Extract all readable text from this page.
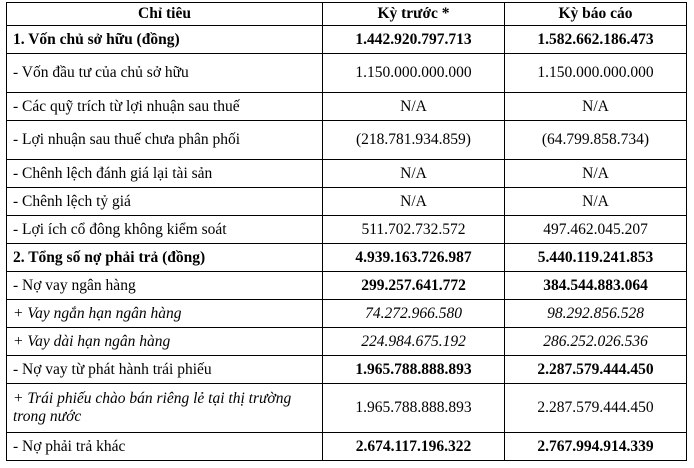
Chỉ tiêu	Kỳ trước *	Kỳ báo cáo
1. Vốn chủ sở hữu (đồng)	1.442.920.797.713	1.582.662.186.473
- Vốn đầu tư của chủ sở hữu	1.150.000.000.000	1.150.000.000.000
- Các quỹ trích từ lợi nhuận sau thuế	N/A	N/A
- Lợi nhuận sau thuế chưa phân phối	(218.781.934.859)	(64.799.858.734)
- Chênh lệch đánh giá lại tài sản	N/A	N/A
- Chênh lệch tỷ giá	N/A	N/A
- Lợi ích cổ đông không kiểm soát	511.702.732.572	497.462.045.207
2. Tổng số nợ phải trả (đồng)	4.939.163.726.987	5.440.119.241.853
- Nợ vay ngân hàng	299.257.641.772	384.544.883.064
+ Vay ngắn hạn ngân hàng	74.272.966.580	98.292.856.528
+ Vay dài hạn ngân hàng	224.984.675.192	286.252.026.536
- Nợ vay từ phát hành trái phiếu	1.965.788.888.893	2.287.579.444.450
+ Trái phiếu chào bán riêng lẻ tại thị trường trong nước	1.965.788.888.893	2.287.579.444.450
- Nợ phải trả khác	2.674.117.196.322	2.767.994.914.339
